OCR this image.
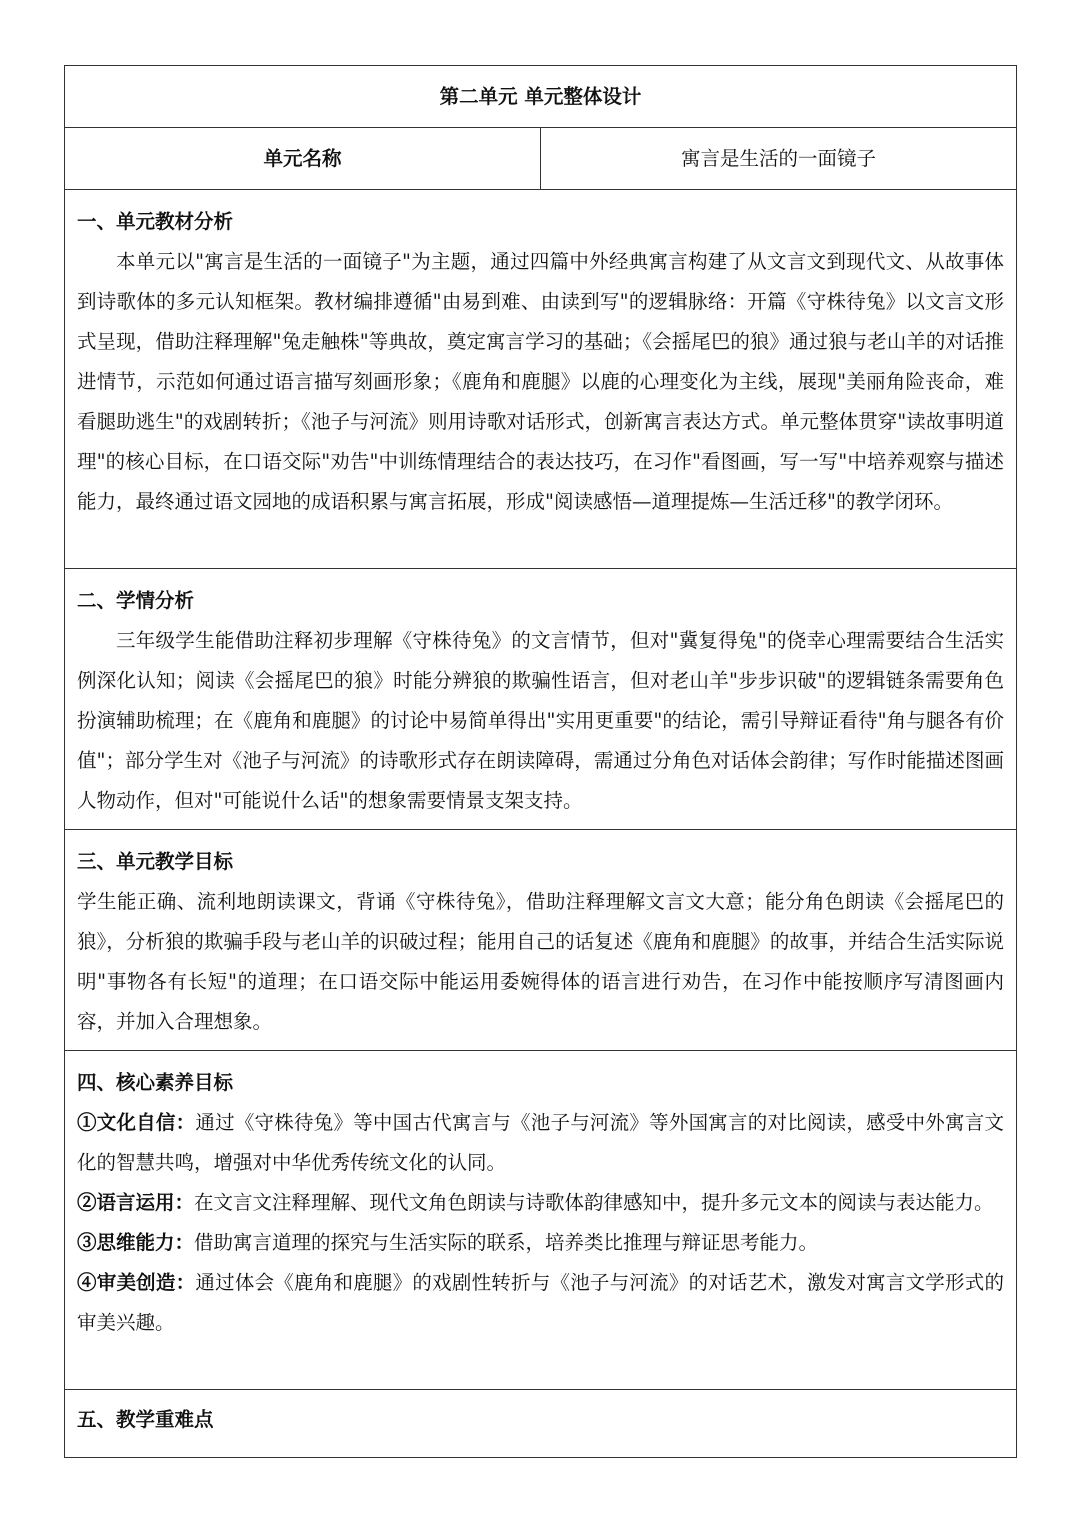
第二单元 单元整体设计
单元名称	寓言是生活的一面镜子

一、单元教材分析
本单元以"寓言是生活的一面镜子"为主题，通过四篇中外经典寓言构建了从文言文到现代文、从故事体到诗歌体的多元认知框架。教材编排遵循"由易到难、由读到写"的逻辑脉络：开篇《守株待兔》以文言文形式呈现，借助注释理解"兔走触株"等典故，奠定寓言学习的基础；《会摇尾巴的狼》通过狼与老山羊的对话推进情节，示范如何通过语言描写刻画形象；《鹿角和鹿腿》以鹿的心理变化为主线，展现"美丽角险丧命，难看腿助逃生"的戏剧转折；《池子与河流》则用诗歌对话形式，创新寓言表达方式。单元整体贯穿"读故事明道理"的核心目标，在口语交际"劝告"中训练情理结合的表达技巧，在习作"看图画，写一写"中培养观察与描述能力，最终通过语文园地的成语积累与寓言拓展，形成"阅读感悟—道理提炼—生活迁移"的教学闭环。

二、学情分析
三年级学生能借助注释初步理解《守株待兔》的文言情节，但对"冀复得兔"的侥幸心理需要结合生活实例深化认知；阅读《会摇尾巴的狼》时能分辨狼的欺骗性语言，但对老山羊"步步识破"的逻辑链条需要角色扮演辅助梳理；在《鹿角和鹿腿》的讨论中易简单得出"实用更重要"的结论，需引导辩证看待"角与腿各有价值"；部分学生对《池子与河流》的诗歌形式存在朗读障碍，需通过分角色对话体会韵律；写作时能描述图画人物动作，但对"可能说什么话"的想象需要情景支架支持。

三、单元教学目标
学生能正确、流利地朗读课文，背诵《守株待兔》，借助注释理解文言文大意；能分角色朗读《会摇尾巴的狼》，分析狼的欺骗手段与老山羊的识破过程；能用自己的话复述《鹿角和鹿腿》的故事，并结合生活实际说明"事物各有长短"的道理；在口语交际中能运用委婉得体的语言进行劝告，在习作中能按顺序写清图画内容，并加入合理想象。

四、核心素养目标
①文化自信：通过《守株待兔》等中国古代寓言与《池子与河流》等外国寓言的对比阅读，感受中外寓言文化的智慧共鸣，增强对中华优秀传统文化的认同。
②语言运用：在文言文注释理解、现代文角色朗读与诗歌体韵律感知中，提升多元文本的阅读与表达能力。
③思维能力：借助寓言道理的探究与生活实际的联系，培养类比推理与辩证思考能力。
④审美创造：通过体会《鹿角和鹿腿》的戏剧性转折与《池子与河流》的对话艺术，激发对寓言文学形式的审美兴趣。

五、教学重难点
